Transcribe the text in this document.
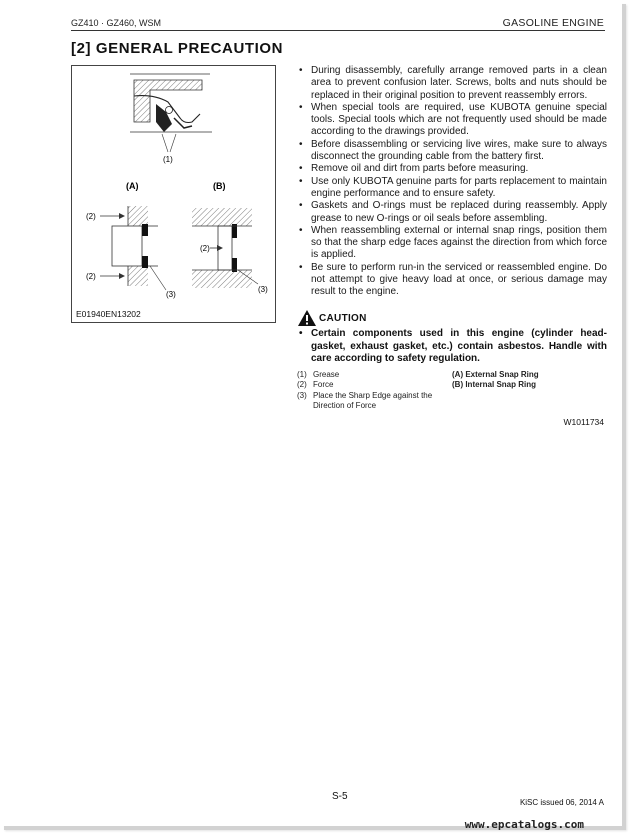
GZ410 · GZ460, WSM	GASOLINE ENGINE
[2] GENERAL PRECAUTION
(1)
(A)	(B)
(2)
(2)
(3)
(2)
(3)
E01940EN13202
• During disassembly, carefully arrange removed parts in a clean area to prevent confusion later. Screws, bolts and nuts should be replaced in their original position to prevent reassembly errors.
• When special tools are required, use KUBOTA genuine special tools. Special tools which are not frequently used should be made according to the drawings provided.
• Before disassembling or servicing live wires, make sure to always disconnect the grounding cable from the battery first.
• Remove oil and dirt from parts before measuring.
• Use only KUBOTA genuine parts for parts replacement to maintain engine performance and to ensure safety.
• Gaskets and O-rings must be replaced during reassembly. Apply grease to new O-rings or oil seals before assembling.
• When reassembling external or internal snap rings, position them so that the sharp edge faces against the direction from which force is applied.
• Be sure to perform run-in the serviced or reassembled engine. Do not attempt to give heavy load at once, or serious damage may result to the engine.
CAUTION
• Certain components used in this engine (cylinder head-gasket, exhaust gasket, etc.) contain asbestos. Handle with care according to safety regulation.
(1) Grease
(2) Force
(3) Place the Sharp Edge against the
Direction of Force
(A) External Snap Ring
(B) Internal Snap Ring
W1011734
S-5
KiSC issued 06, 2014 A
www.epcatalogs.com
